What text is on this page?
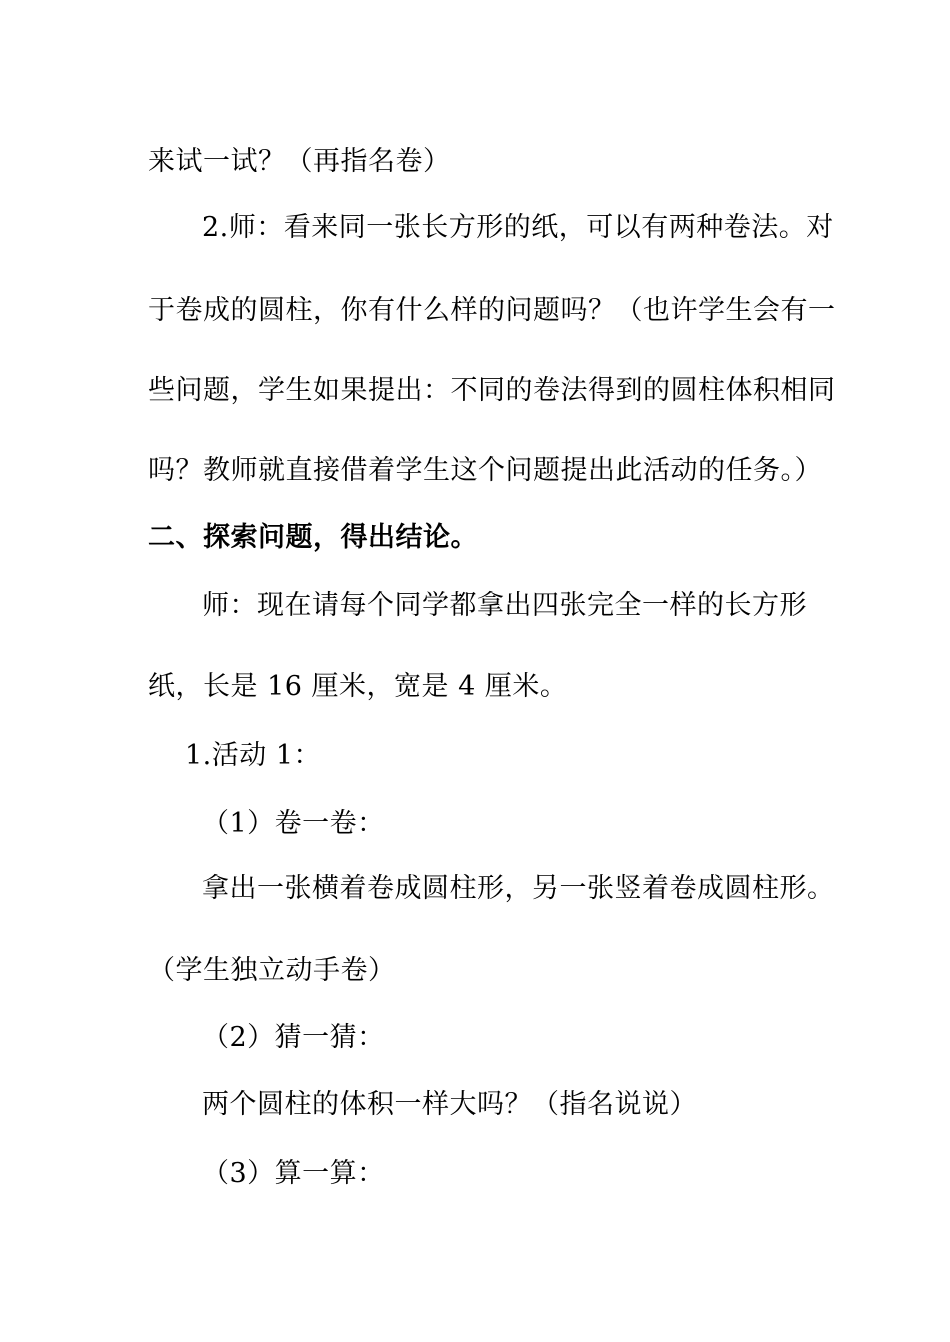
来试一试？（再指名卷）
2.师：看来同一张长方形的纸，可以有两种卷法。对
于卷成的圆柱，你有什么样的问题吗？（也许学生会有一
些问题，学生如果提出：不同的卷法得到的圆柱体积相同
吗？教师就直接借着学生这个问题提出此活动的任务。）
二、探索问题，得出结论。
师：现在请每个同学都拿出四张完全一样的长方形
纸，长是 16 厘米，宽是 4 厘米。
1.活动 1：
（1）卷一卷：
拿出一张横着卷成圆柱形，另一张竖着卷成圆柱形。
（学生独立动手卷）
（2）猜一猜：
两个圆柱的体积一样大吗？（指名说说）
（3）算一算：
